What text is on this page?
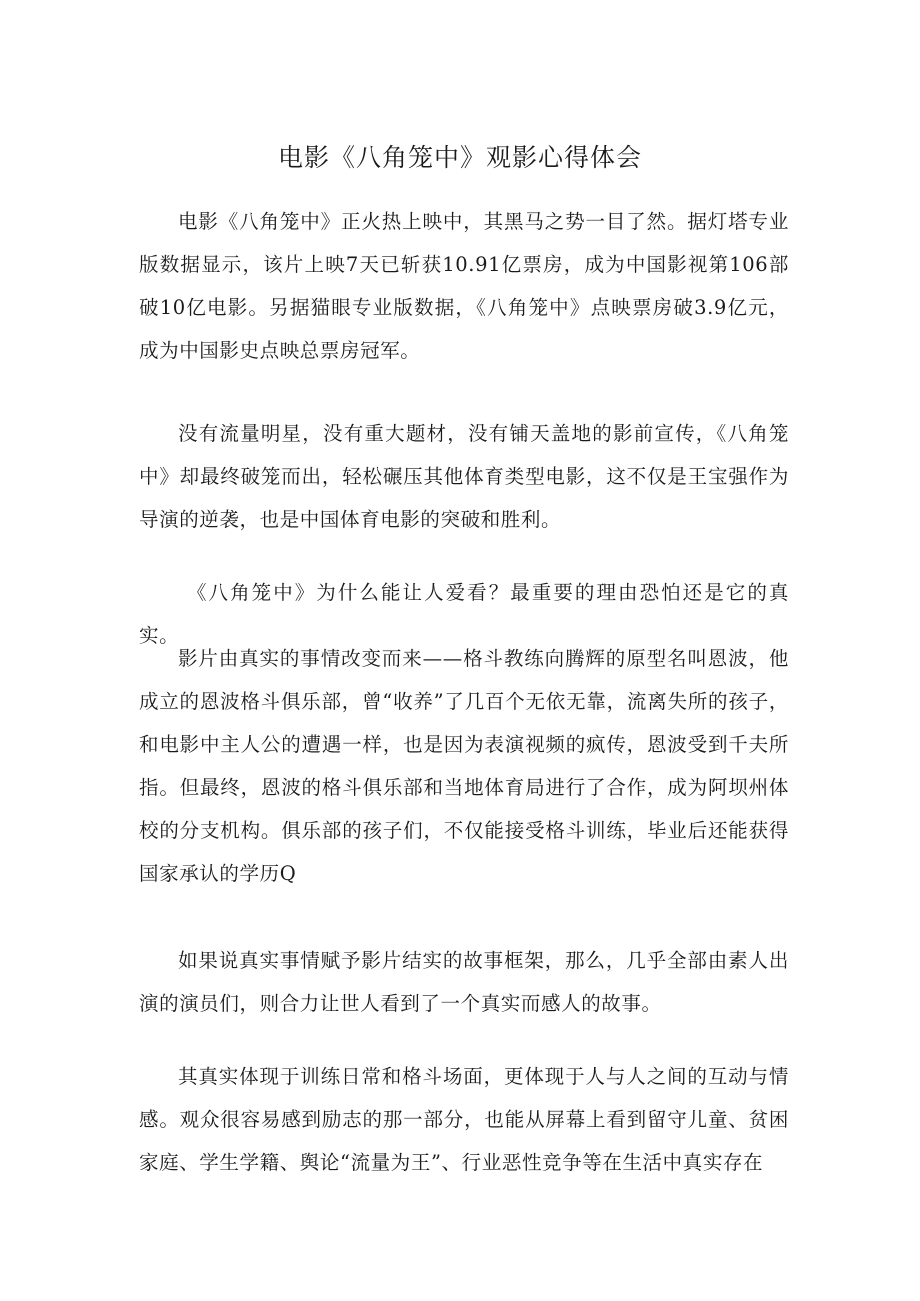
电影《八角笼中》观影心得体会

电影《八角笼中》正火热上映中，其黑马之势一目了然。据灯塔专业版数据显示，该片上映7天已斩获10.91亿票房，成为中国影视第106部破10亿电影。另据猫眼专业版数据，《八角笼中》点映票房破3.9亿元，成为中国影史点映总票房冠军。

没有流量明星，没有重大题材，没有铺天盖地的影前宣传，《八角笼中》却最终破笼而出，轻松碾压其他体育类型电影，这不仅是王宝强作为导演的逆袭，也是中国体育电影的突破和胜利。

《八角笼中》为什么能让人爱看？最重要的理由恐怕还是它的真实。

影片由真实的事情改变而来——格斗教练向腾辉的原型名叫恩波，他成立的恩波格斗俱乐部，曾“收养”了几百个无依无靠，流离失所的孩子，和电影中主人公的遭遇一样，也是因为表演视频的疯传，恩波受到千夫所指。但最终，恩波的格斗俱乐部和当地体育局进行了合作，成为阿坝州体校的分支机构。俱乐部的孩子们，不仅能接受格斗训练，毕业后还能获得国家承认的学历Q

如果说真实事情赋予影片结实的故事框架，那么，几乎全部由素人出演的演员们，则合力让世人看到了一个真实而感人的故事。

其真实体现于训练日常和格斗场面，更体现于人与人之间的互动与情感。观众很容易感到励志的那一部分，也能从屏幕上看到留守儿童、贫困家庭、学生学籍、舆论“流量为王”、行业恶性竞争等在生活中真实存在
